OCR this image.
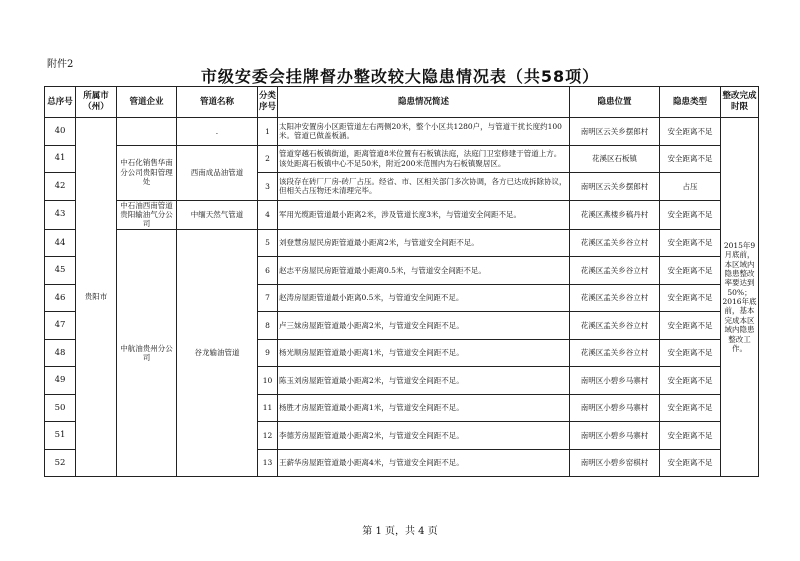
附件2
市级安委会挂牌督办整改较大隐患情况表（共58项）
总序号	所属市（州）	管道企业	管道名称	分类序号	隐患情况简述	隐患位置	隐患类型	整改完成时限
40	贵阳市		.	1	太阳冲安置房小区距管道左右两侧20米，整个小区共1280户，与管道干扰长度约100米。管道已做盖板涵。	南明区云关乡摆郎村	安全距离不足	2015年9月底前，本区域内隐患整改率要达到50%；2016年底前，基本完成本区域内隐患整改工作。
41		中石化销售华南分公司贵阳管理处	西南成品油管道	2	管道穿越石板镇街道，距离管道8米位置有石板镇法庭，法庭门卫室修建于管道上方。该处距离石板镇中心不足50米，附近200米范围内为石板镇聚居区。	花溪区石板镇	安全距离不足	
42				3	该段存在砖厂厂房-砖厂占压。经省、市、区相关部门多次协调，各方已达成拆除协议，但相关占压物还未清理完毕。	南明区云关乡摆郎村	占压	
43		中石油西南管道贵阳输油气分公司	中缅天然气管道	4	军用光缆距管道最小距离2米，涉及管道长度3米，与管道安全间距不足。	花溪区燕楼乡稿丹村	安全距离不足	
44		中航油贵州分公司	谷龙输油管道	5	刘登慧房屋民房距管道最小距离2米，与管道安全间距不足。	花溪区孟关乡谷立村	安全距离不足	
45				6	赵志平房屋民房距管道最小距离0.5米，与管道安全间距不足。	花溪区孟关乡谷立村	安全距离不足	
46				7	赵涛房屋距管道最小距离0.5米，与管道安全间距不足。	花溪区孟关乡谷立村	安全距离不足	
47				8	卢三妹房屋距管道最小距离2米，与管道安全间距不足。	花溪区孟关乡谷立村	安全距离不足	
48				9	杨光顺房屋距管道最小距离1米，与管道安全间距不足。	花溪区孟关乡谷立村	安全距离不足	
49				10	陈玉刘房屋距管道最小距离2米，与管道安全间距不足。	南明区小碧乡马寨村	安全距离不足	
50				11	杨胜才房屋距管道最小距离1米，与管道安全间距不足。	南明区小碧乡马寨村	安全距离不足	
51				12	李德芳房屋距管道最小距离2米，与管道安全间距不足。	南明区小碧乡马寨村	安全距离不足	
52				13	王薪华房屋距管道最小距离4米，与管道安全间距不足。	南明区小碧乡窑棋村	安全距离不足	
第 1 页，共 4 页
